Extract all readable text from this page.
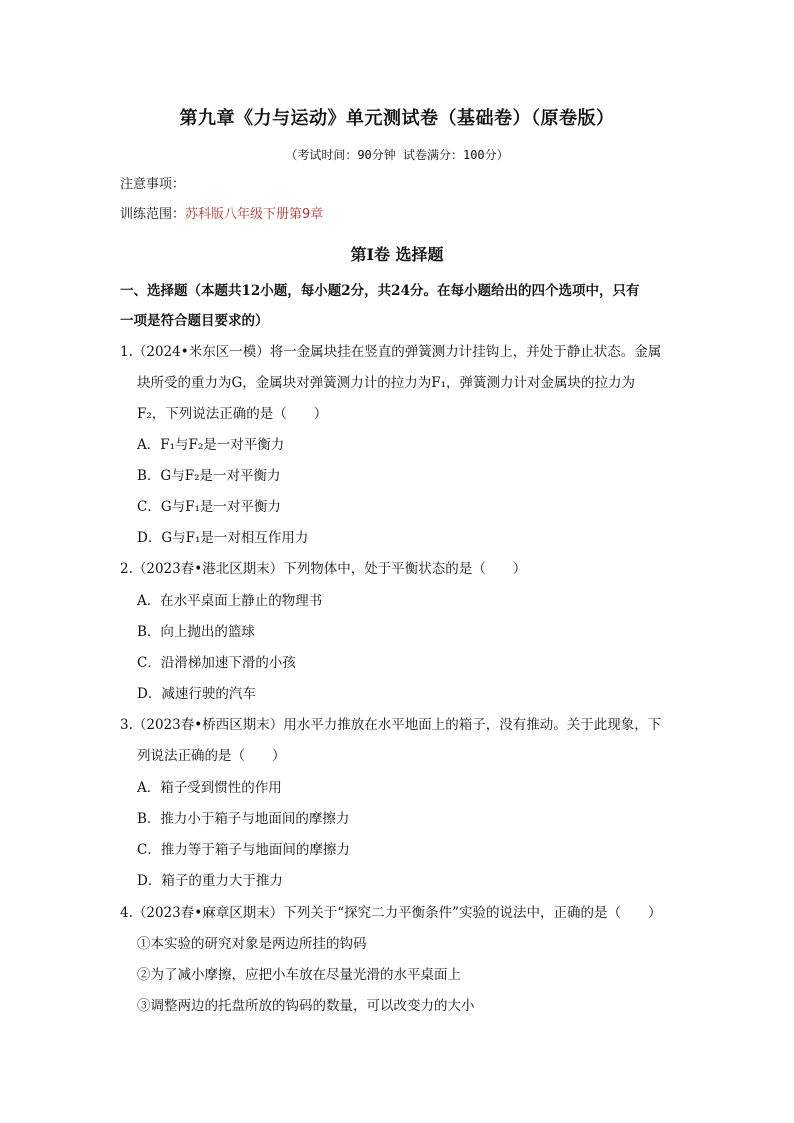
第九章《力与运动》单元测试卷（基础卷）（原卷版）
（考试时间：90分钟 试卷满分：100分）
注意事项：
训练范围：苏科版八年级下册第9章
第Ⅰ卷 选择题
一、选择题（本题共12小题，每小题2分，共24分。在每小题给出的四个选项中，只有
一项是符合题目要求的）
1.（2024•米东区一模）将一金属块挂在竖直的弹簧测力计挂钩上，并处于静止状态。金属
块所受的重力为G，金属块对弹簧测力计的拉力为F₁，弹簧测力计对金属块的拉力为
F₂，下列说法正确的是（　　）
A．F₁与F₂是一对平衡力
B．G与F₂是一对平衡力
C．G与F₁是一对平衡力
D．G与F₁是一对相互作用力
2.（2023春•港北区期末）下列物体中，处于平衡状态的是（　　）
A．在水平桌面上静止的物理书
B．向上抛出的篮球
C．沿滑梯加速下滑的小孩
D．减速行驶的汽车
3.（2023春•桥西区期末）用水平力推放在水平地面上的箱子，没有推动。关于此现象，下
列说法正确的是（　　）
A．箱子受到惯性的作用
B．推力小于箱子与地面间的摩擦力
C．推力等于箱子与地面间的摩擦力
D．箱子的重力大于推力
4.（2023春•麻章区期末）下列关于“探究二力平衡条件”实验的说法中，正确的是（　　）
①本实验的研究对象是两边所挂的钩码
②为了减小摩擦，应把小车放在尽量光滑的水平桌面上
③调整两边的托盘所放的钩码的数量，可以改变力的大小
